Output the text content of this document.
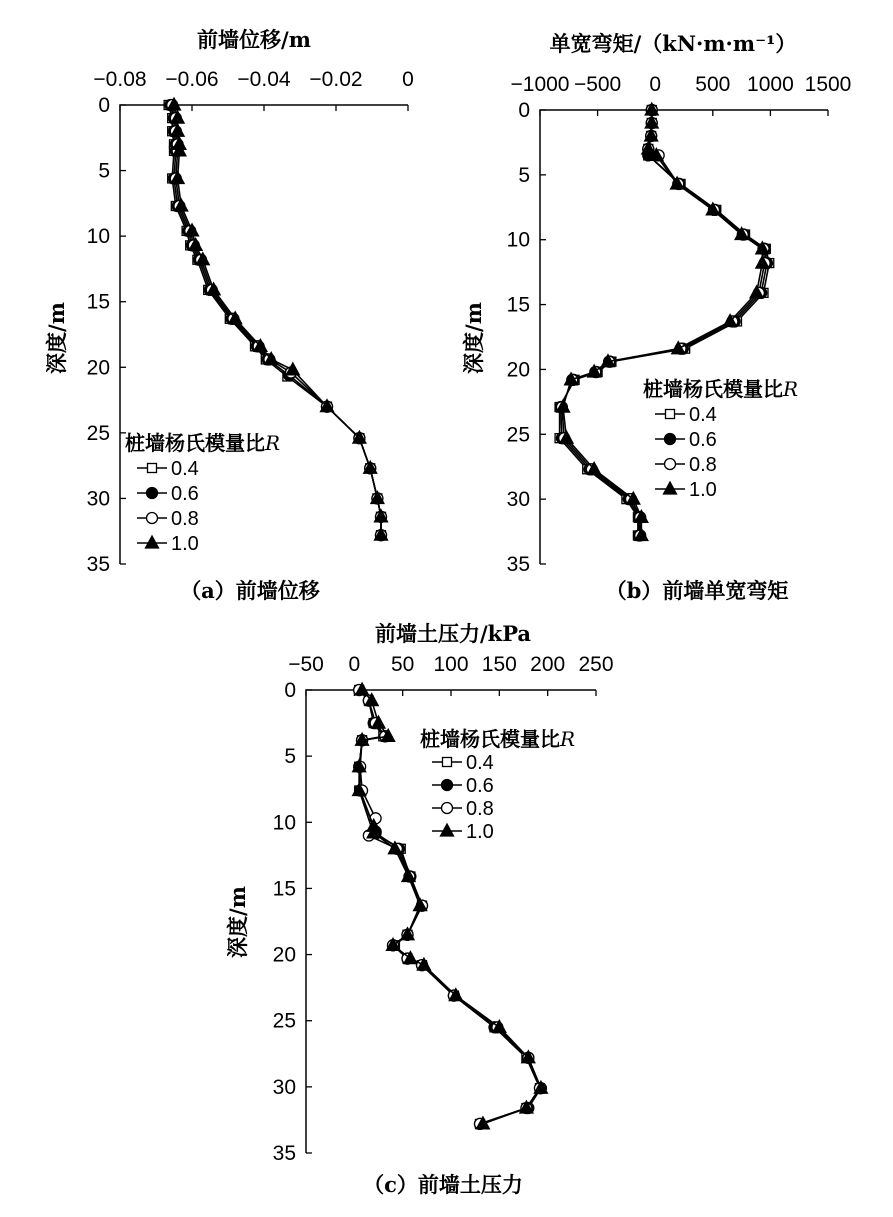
前墙位移/m
深度/m
−0.08 −0.06 −0.04 −0.02 0
0
5
10
15
20
25
30
35
桩墙杨氏模量比R
0.4
0.6
0.8
1.0
（a）前墙位移
单宽弯矩/（kN·m·m⁻¹）
深度/m
−1000 −500 0 500 1000 1500
0
5
10
15
20
25
30
35
桩墙杨氏模量比R
0.4
0.6
0.8
1.0
（b）前墙单宽弯矩
前墙土压力/kPa
深度/m
−50 0 50 100 150 200 250
0
5
10
15
20
25
30
35
桩墙杨氏模量比R
0.4
0.6
0.8
1.0
（c）前墙土压力
